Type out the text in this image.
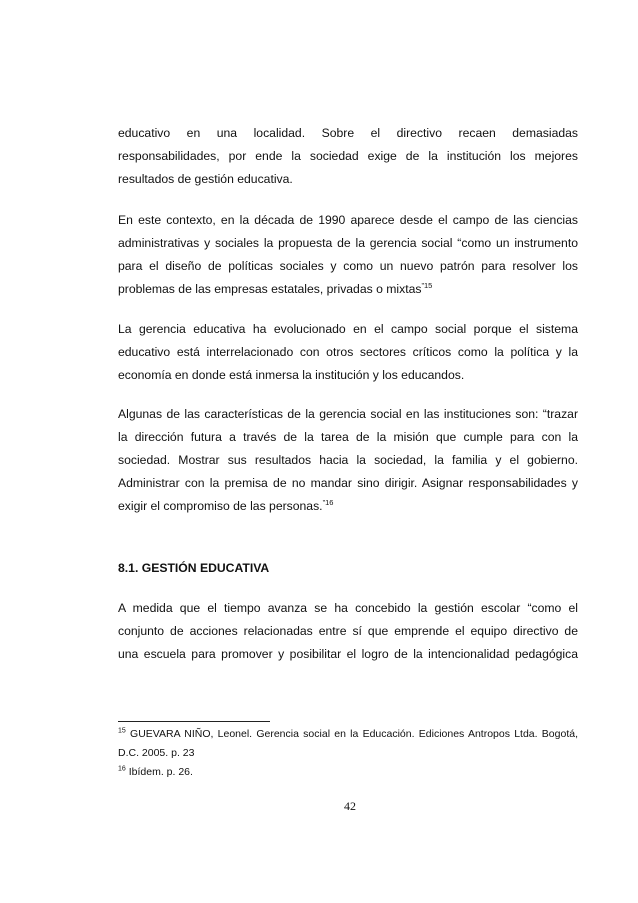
educativo en una localidad. Sobre el directivo recaen demasiadas
responsabilidades, por ende la sociedad exige de la institución los mejores
resultados de gestión educativa.
En este contexto, en la década de 1990 aparece desde el campo de las ciencias
administrativas y sociales la propuesta de la gerencia social “como un instrumento
para el diseño de políticas sociales y como un nuevo patrón para resolver los
problemas de las empresas estatales, privadas o mixtas$^{”15}$
La gerencia educativa ha evolucionado en el campo social porque el sistema
educativo está interrelacionado con otros sectores críticos como la política y la
economía en donde está inmersa la institución y los educandos.
Algunas de las características de la gerencia social en las instituciones son: “trazar
la dirección futura a través de la tarea de la misión que cumple para con la
sociedad. Mostrar sus resultados hacia la sociedad, la familia y el gobierno.
Administrar con la premisa de no mandar sino dirigir. Asignar responsabilidades y
exigir el compromiso de las personas.$^{”16}$
8.1. GESTIÓN EDUCATIVA
A medida que el tiempo avanza se ha concebido la gestión escolar “como el
conjunto de acciones relacionadas entre sí que emprende el equipo directivo de
una escuela para promover y posibilitar el logro de la intencionalidad pedagógica
$^{15}$ GUEVARA NIÑO, Leonel. Gerencia social en la Educación. Ediciones Antropos Ltda. Bogotá,
D.C. 2005. p. 23
$^{16}$ Ibídem. p. 26.
42
